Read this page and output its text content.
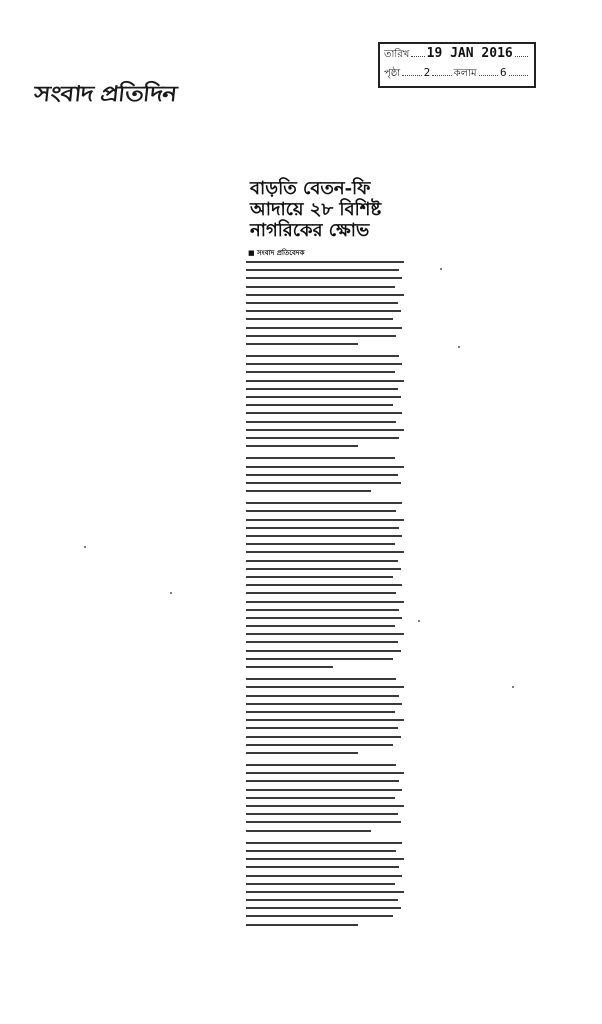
সংবাদ প্রতিদিন
তারিখ 19 JAN 2016
পৃষ্ঠা 2 কলাম 6
বাড়তি বেতন-ফি
আদায়ে ২৮ বিশিষ্ট
নাগরিকের ক্ষোভ
■ সংবাদ প্রতিবেদক
